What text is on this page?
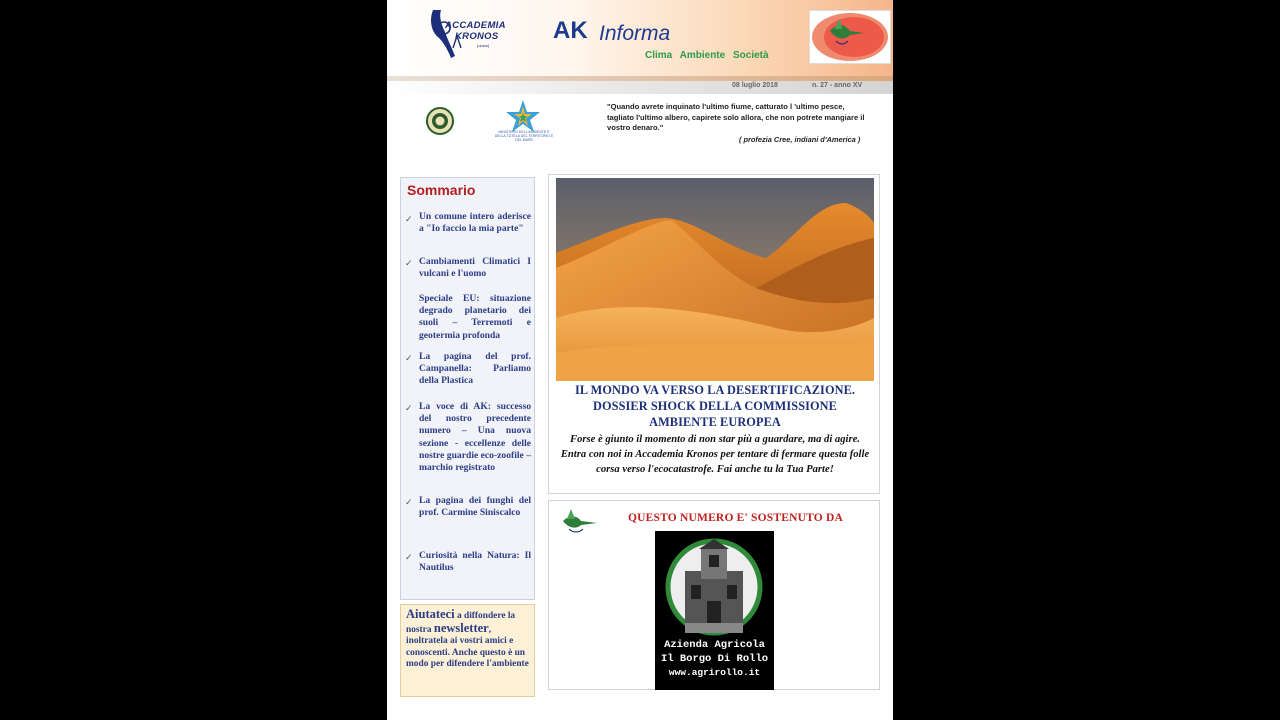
ACCADEMIA
KRONOS
(onlus)
AK Informa
Clima Ambiente Società
08 luglio 2018	n. 27 - anno XV
MINISTERO DELL'AMBIENTE E DELLA TUTELA DEL TERRITORIO E DEL MARE
"Quando avrete inquinato l'ultimo fiume, catturato l 'ultimo pesce, tagliato l'ultimo albero, capirete solo allora, che non potrete mangiare il vostro denaro."
( profezia Cree, indiani d'America )
Sommario
✓ Un comune intero aderisce a "Io faccio la mia parte"
✓ Cambiamenti Climatici I vulcani e l'uomo
Speciale EU: situazione degrado planetario dei suoli – Terremoti e geotermia profonda
✓ La pagina del prof. Campanella: Parliamo della Plastica
✓ La voce di AK: successo del nostro precedente numero – Una nuova sezione - eccellenze delle nostre guardie eco-zoofile – marchio registrato
✓ La pagina dei funghi del prof. Carmine Siniscalco
✓ Curiosità nella Natura: Il Nautilus
Aiutateci a diffondere la nostra newsletter, inoltratela ai vostri amici e conoscenti. Anche questo è un modo per difendere l'ambiente
IL MONDO VA VERSO LA DESERTIFICAZIONE. DOSSIER SHOCK DELLA COMMISSIONE AMBIENTE EUROPEA
Forse è giunto il momento di non star più a guardare, ma di agire. Entra con noi in Accademia Kronos per tentare di fermare questa folle corsa verso l'ecocatastrofe. Fai anche tu la Tua Parte!
QUESTO NUMERO E' SOSTENUTO DA
Azienda Agricola
Il Borgo Di Rollo
www.agrirollo.it
